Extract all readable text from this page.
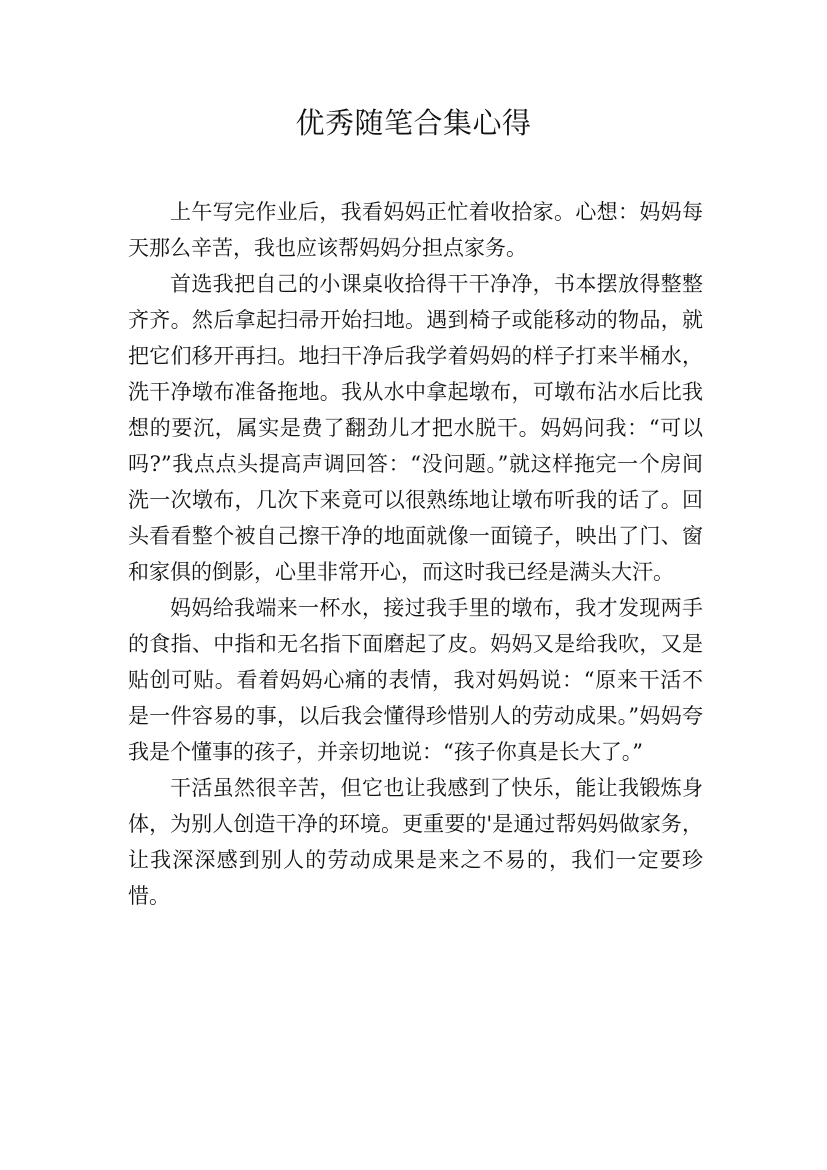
优秀随笔合集心得

上午写完作业后，我看妈妈正忙着收拾家。心想：妈妈每天那么辛苦，我也应该帮妈妈分担点家务。

首选我把自己的小课桌收拾得干干净净，书本摆放得整整齐齐。然后拿起扫帚开始扫地。遇到椅子或能移动的物品，就把它们移开再扫。地扫干净后我学着妈妈的样子打来半桶水，洗干净墩布准备拖地。我从水中拿起墩布，可墩布沾水后比我想的要沉，属实是费了翻劲儿才把水脱干。妈妈问我：“可以吗?”我点点头提高声调回答：“没问题。”就这样拖完一个房间洗一次墩布，几次下来竟可以很熟练地让墩布听我的话了。回头看看整个被自己擦干净的地面就像一面镜子，映出了门、窗和家俱的倒影，心里非常开心，而这时我已经是满头大汗。

妈妈给我端来一杯水，接过我手里的墩布，我才发现两手的食指、中指和无名指下面磨起了皮。妈妈又是给我吹，又是贴创可贴。看着妈妈心痛的表情，我对妈妈说：“原来干活不是一件容易的事，以后我会懂得珍惜别人的劳动成果。”妈妈夸我是个懂事的孩子，并亲切地说：“孩子你真是长大了。”

干活虽然很辛苦，但它也让我感到了快乐，能让我锻炼身体，为别人创造干净的环境。更重要的'是通过帮妈妈做家务，让我深深感到别人的劳动成果是来之不易的，我们一定要珍惜。
